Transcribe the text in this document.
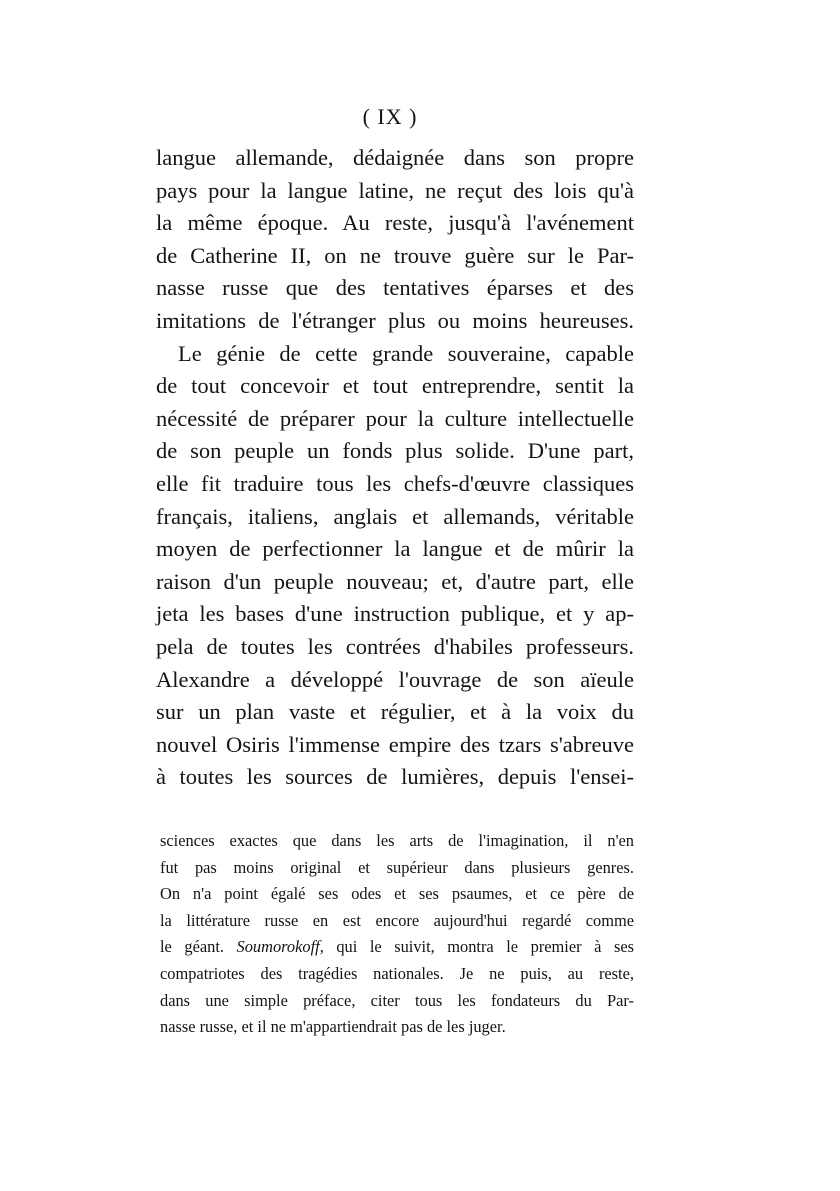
( IX )
langue allemande, dédaignée dans son propre
pays pour la langue latine, ne reçut des lois qu'à
la même époque. Au reste, jusqu'à l'avénement
de Catherine II, on ne trouve guère sur le Par-
nasse russe que des tentatives éparses et des
imitations de l'étranger plus ou moins heureuses.
Le génie de cette grande souveraine, capable
de tout concevoir et tout entreprendre, sentit la
nécessité de préparer pour la culture intellectuelle
de son peuple un fonds plus solide. D'une part,
elle fit traduire tous les chefs-d'œuvre classiques
français, italiens, anglais et allemands, véritable
moyen de perfectionner la langue et de mûrir la
raison d'un peuple nouveau; et, d'autre part, elle
jeta les bases d'une instruction publique, et y ap-
pela de toutes les contrées d'habiles professeurs.
Alexandre a développé l'ouvrage de son aïeule
sur un plan vaste et régulier, et à la voix du
nouvel Osiris l'immense empire des tzars s'abreuve
à toutes les sources de lumières, depuis l'ensei-
sciences exactes que dans les arts de l'imagination, il n'en
fut pas moins original et supérieur dans plusieurs genres.
On n'a point égalé ses odes et ses psaumes, et ce père de
la littérature russe en est encore aujourd'hui regardé comme
le géant. Soumorokoff, qui le suivit, montra le premier à ses
compatriotes des tragédies nationales. Je ne puis, au reste,
dans une simple préface, citer tous les fondateurs du Par-
nasse russe, et il ne m'appartiendrait pas de les juger.
